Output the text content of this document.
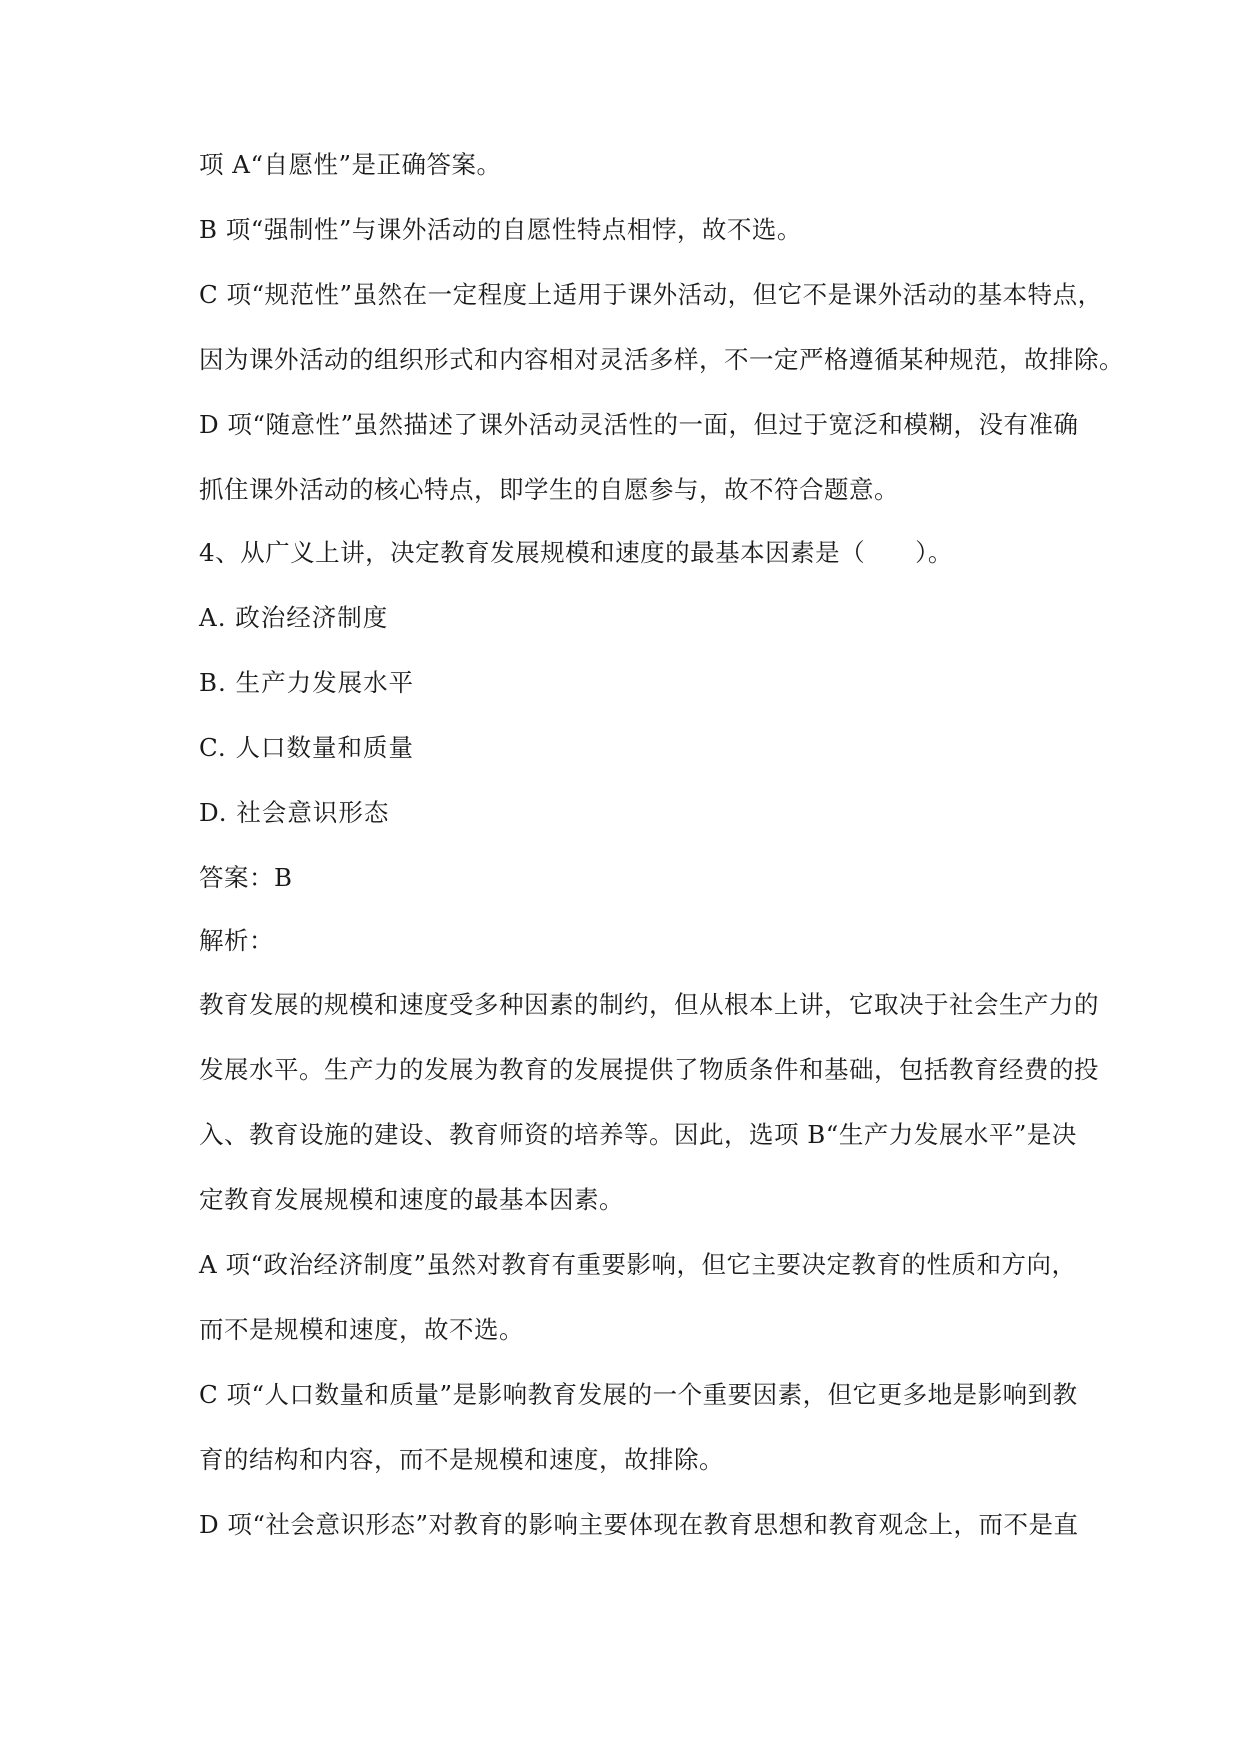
项 A“自愿性”是正确答案。
B 项“强制性”与课外活动的自愿性特点相悖，故不选。
C 项“规范性”虽然在一定程度上适用于课外活动，但它不是课外活动的基本特点，
因为课外活动的组织形式和内容相对灵活多样，不一定严格遵循某种规范，故排除。
D 项“随意性”虽然描述了课外活动灵活性的一面，但过于宽泛和模糊，没有准确
抓住课外活动的核心特点，即学生的自愿参与，故不符合题意。
4、从广义上讲，决定教育发展规模和速度的最基本因素是（　　）。
A. 政治经济制度
B. 生产力发展水平
C. 人口数量和质量
D. 社会意识形态
答案：B
解析：
教育发展的规模和速度受多种因素的制约，但从根本上讲，它取决于社会生产力的
发展水平。生产力的发展为教育的发展提供了物质条件和基础，包括教育经费的投
入、教育设施的建设、教育师资的培养等。因此，选项 B“生产力发展水平”是决
定教育发展规模和速度的最基本因素。
A 项“政治经济制度”虽然对教育有重要影响，但它主要决定教育的性质和方向，
而不是规模和速度，故不选。
C 项“人口数量和质量”是影响教育发展的一个重要因素，但它更多地是影响到教
育的结构和内容，而不是规模和速度，故排除。
D 项“社会意识形态”对教育的影响主要体现在教育思想和教育观念上，而不是直
